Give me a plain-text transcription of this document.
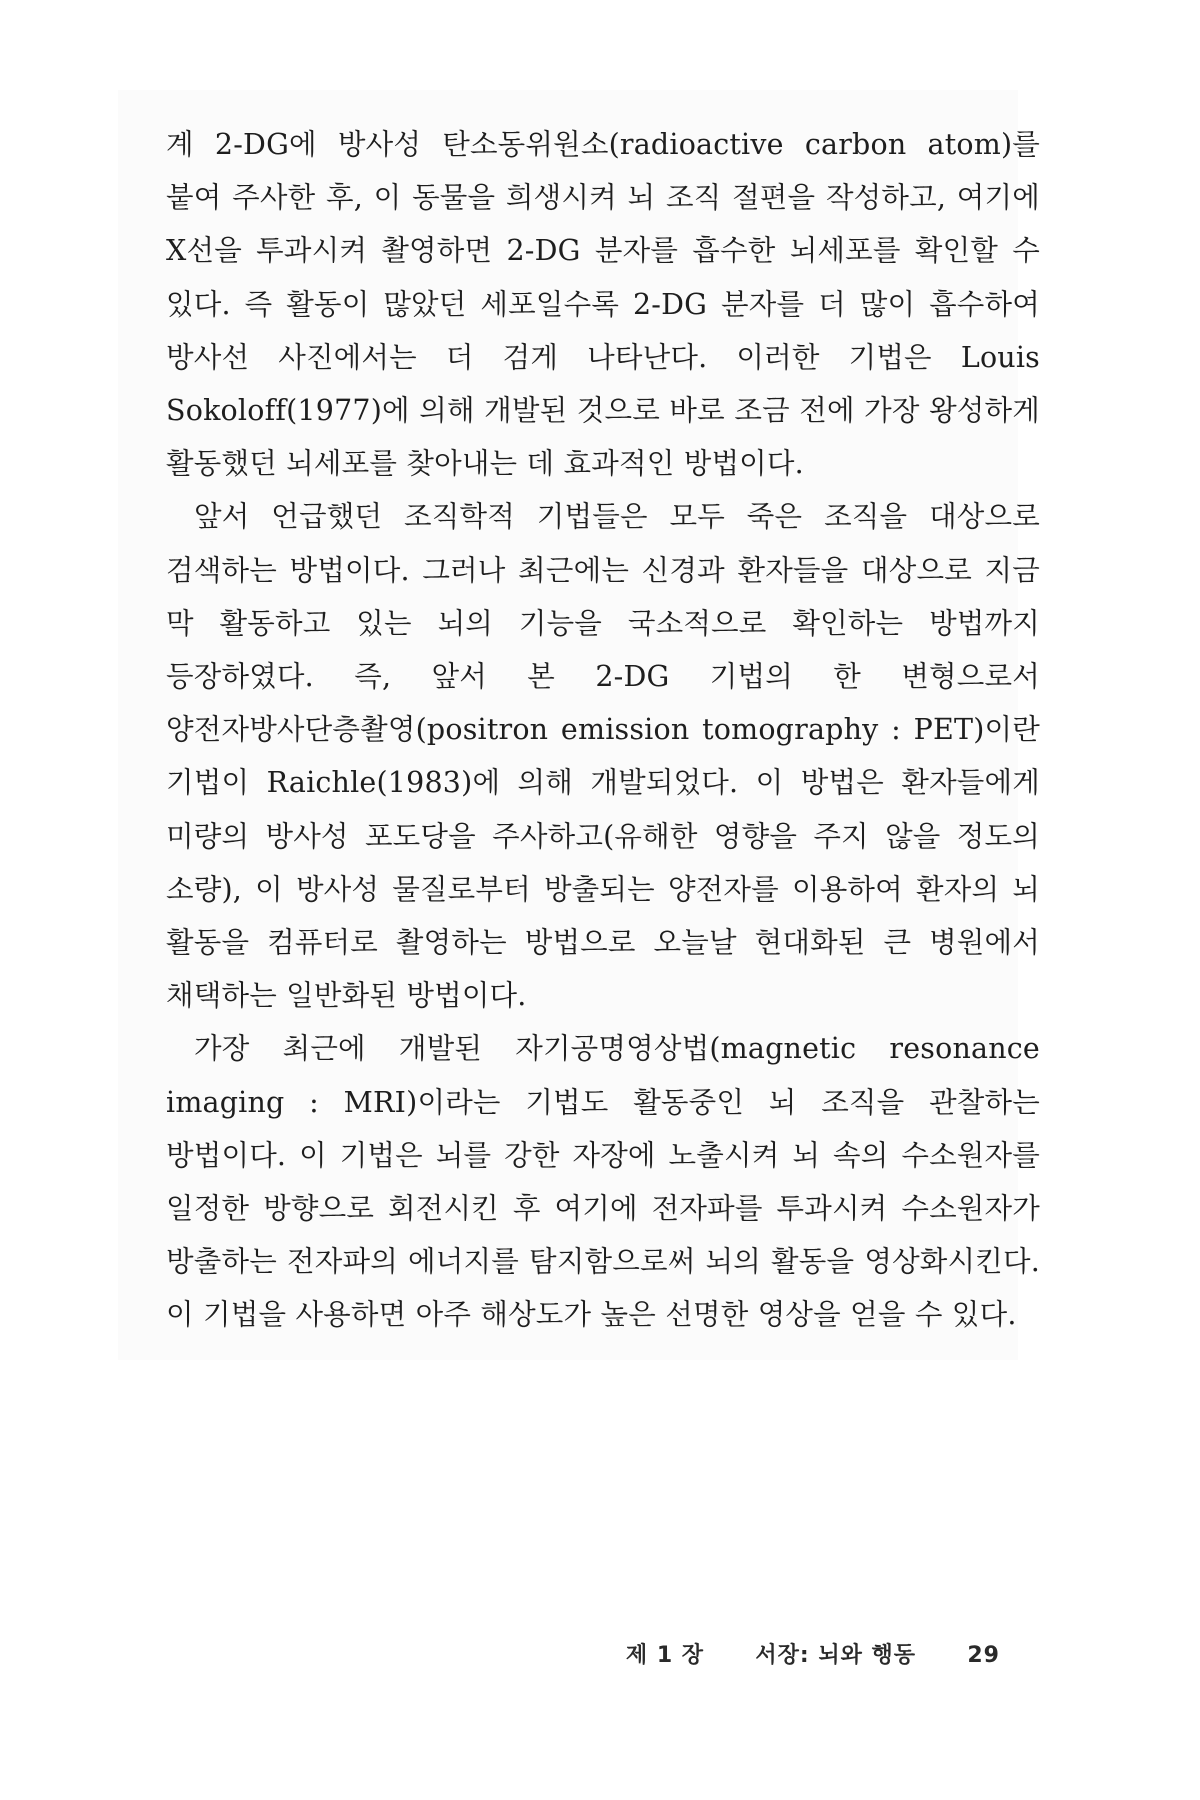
계 2-DG에 방사성 탄소동위원소(radioactive carbon atom)를 붙여 주사한 후, 이 동물을 희생시켜 뇌 조직 절편을 작성하고, 여기에 X선을 투과시켜 촬영하면 2-DG 분자를 흡수한 뇌세포를 확인할 수 있다. 즉 활동이 많았던 세포일수록 2-DG 분자를 더 많이 흡수하여 방사선 사진에서는 더 검게 나타난다. 이러한 기법은 Louis Sokoloff(1977)에 의해 개발된 것으로 바로 조금 전에 가장 왕성하게 활동했던 뇌세포를 찾아내는 데 효과적인 방법이다.

앞서 언급했던 조직학적 기법들은 모두 죽은 조직을 대상으로 검색하는 방법이다. 그러나 최근에는 신경과 환자들을 대상으로 지금 막 활동하고 있는 뇌의 기능을 국소적으로 확인하는 방법까지 등장하였다. 즉, 앞서 본 2-DG 기법의 한 변형으로서 양전자방사단층촬영(positron emission tomography : PET)이란 기법이 Raichle(1983)에 의해 개발되었다. 이 방법은 환자들에게 미량의 방사성 포도당을 주사하고(유해한 영향을 주지 않을 정도의 소량), 이 방사성 물질로부터 방출되는 양전자를 이용하여 환자의 뇌 활동을 컴퓨터로 촬영하는 방법으로 오늘날 현대화된 큰 병원에서 채택하는 일반화된 방법이다.

가장 최근에 개발된 자기공명영상법(magnetic resonance imaging : MRI)이라는 기법도 활동중인 뇌 조직을 관찰하는 방법이다. 이 기법은 뇌를 강한 자장에 노출시켜 뇌 속의 수소원자를 일정한 방향으로 회전시킨 후 여기에 전자파를 투과시켜 수소원자가 방출하는 전자파의 에너지를 탐지함으로써 뇌의 활동을 영상화시킨다. 이 기법을 사용하면 아주 해상도가 높은 선명한 영상을 얻을 수 있다.

제 1 장 서장: 뇌와 행동 29
